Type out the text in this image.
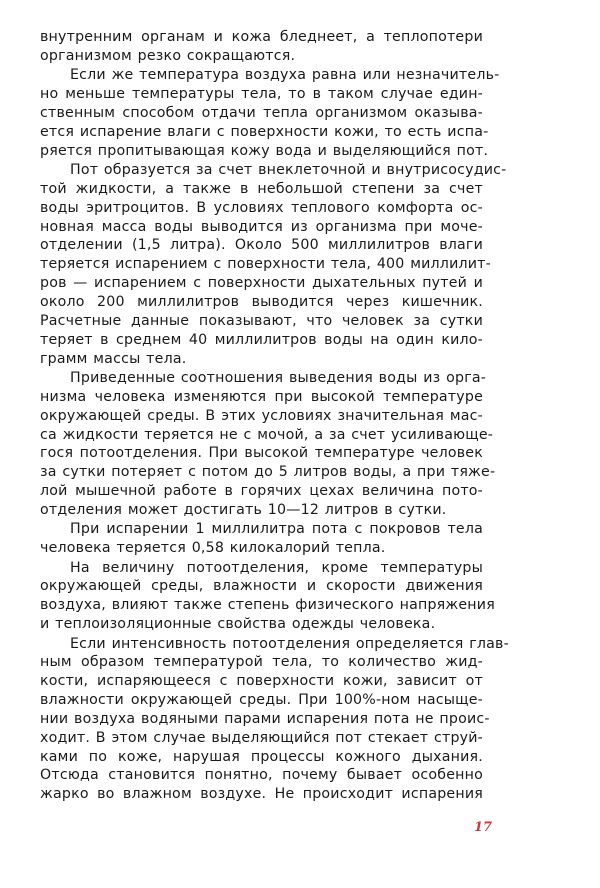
внутренним органам и кожа бледнеет, а теплопотери
организмом резко сокращаются.
Если же температура воздуха равна или незначитель-
но меньше температуры тела, то в таком случае един-
ственным способом отдачи тепла организмом оказыва-
ется испарение влаги с поверхности кожи, то есть испа-
ряется пропитывающая кожу вода и выделяющийся пот.
Пот образуется за счет внеклеточной и внутрисосудис-
той жидкости, а также в небольшой степени за счет
воды эритроцитов. В условиях теплового комфорта ос-
новная масса воды выводится из организма при моче-
отделении (1,5 литра). Около 500 миллилитров влаги
теряется испарением с поверхности тела, 400 миллилит-
ров — испарением с поверхности дыхательных путей и
около 200 миллилитров выводится через кишечник.
Расчетные данные показывают, что человек за сутки
теряет в среднем 40 миллилитров воды на один кило-
грамм массы тела.
Приведенные соотношения выведения воды из орга-
низма человека изменяются при высокой температуре
окружающей среды. В этих условиях значительная мас-
са жидкости теряется не с мочой, а за счет усиливающе-
гося потоотделения. При высокой температуре человек
за сутки потеряет с потом до 5 литров воды, а при тяже-
лой мышечной работе в горячих цехах величина пото-
отделения может достигать 10—12 литров в сутки.
При испарении 1 миллилитра пота с покровов тела
человека теряется 0,58 килокалорий тепла.
На величину потоотделения, кроме температуры
окружающей среды, влажности и скорости движения
воздуха, влияют также степень физического напряжения
и теплоизоляционные свойства одежды человека.
Если интенсивность потоотделения определяется глав-
ным образом температурой тела, то количество жид-
кости, испаряющееся с поверхности кожи, зависит от
влажности окружающей среды. При 100%-ном насыще-
нии воздуха водяными парами испарения пота не проис-
ходит. В этом случае выделяющийся пот стекает струй-
ками по коже, нарушая процессы кожного дыхания.
Отсюда становится понятно, почему бывает особенно
жарко во влажном воздухе. Не происходит испарения
17
